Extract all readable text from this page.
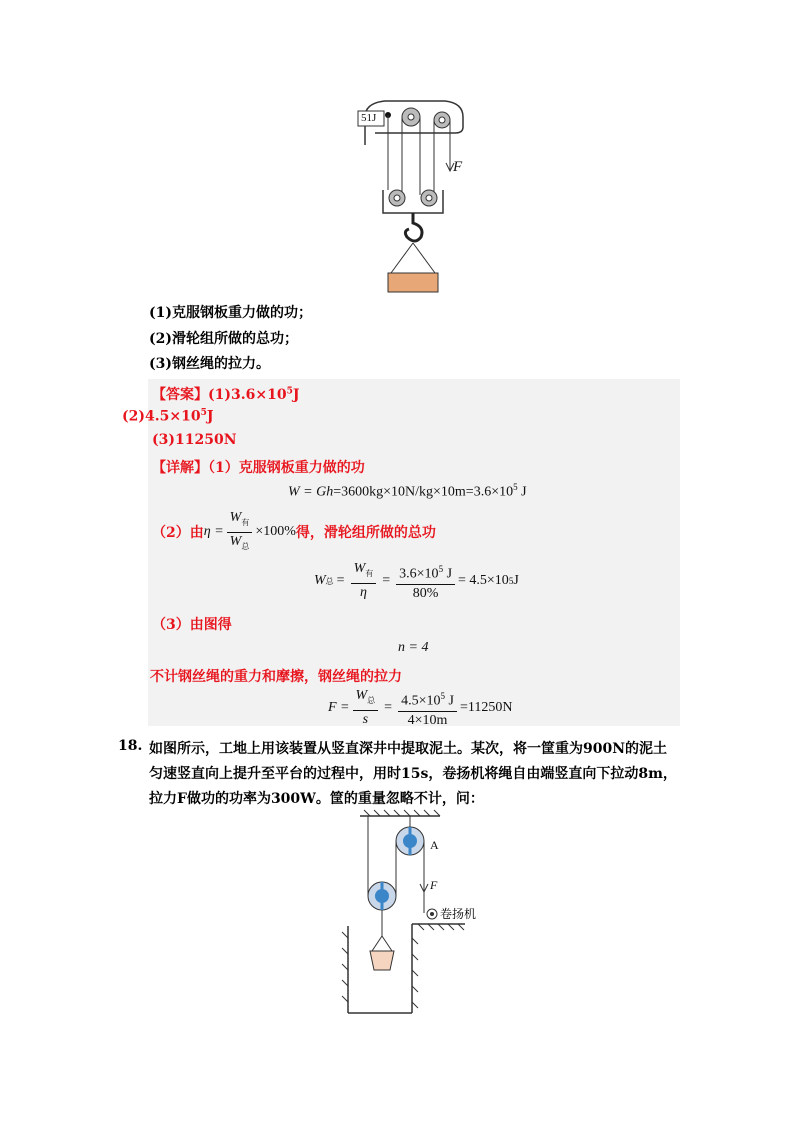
51J
F
(1)克服钢板重力做的功；
(2)滑轮组所做的总功；
(3)钢丝绳的拉力。
【答案】$(1)3.6\times 10^5J$
$(2)4.5\times 10^5J$
(3)11250N
【详解】（1）克服钢板重力做的功
$W = Gh=3600kg\times 10N/kg\times 10m=3.6\times 10^5$ J
（2）由 $\eta = \frac{W_有}{W_总} \times 100\%$ 得，滑轮组所做的总功
W 总 = $\frac{W_有}{\eta} = \frac{3.6\times 10^5 J}{80\%} = 4.5\times 10$ 5 J
（3）由图得
n = 4
不计钢丝绳的重力和摩擦，钢丝绳的拉力
$F = \frac{W_总}{s} = \frac{4.5\times 10^5 J}{4\times 10m} =11250N$
18. 如图所示，工地上用该装置从竖直深井中提取泥土。某次，将一筐重为900N的泥土
匀速竖直向上提升至平台的过程中，用时15s，卷扬机将绳自由端竖直向下拉动8m，
拉力F做功的功率为300W。筐的重量忽略不计，问：
A
F
卷扬机
